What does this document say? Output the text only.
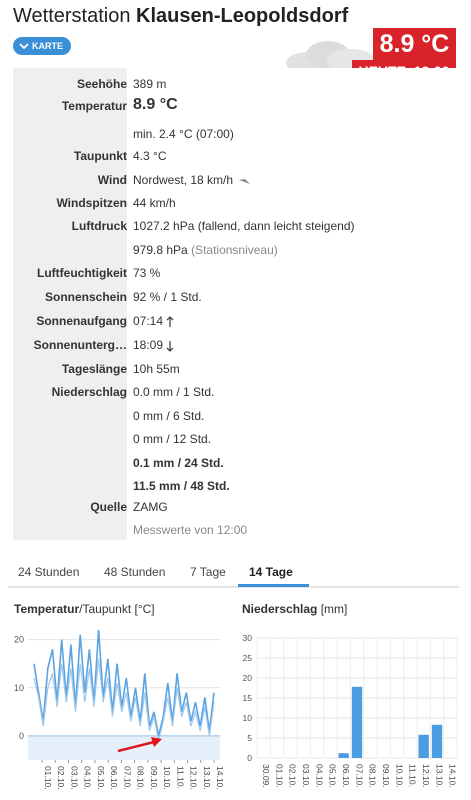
Wetterstation Klausen-Leopoldsdorf
KARTE	8.9 °C
Seehöhe 389 m
Temperatur 8.9 °C
min. 2.4 °C (07:00)
Taupunkt 4.3 °C
Wind Nordwest, 18 km/h
Windspitzen 44 km/h
Luftdruck 1027.2 hPa (fallend, dann leicht steigend)
979.8 hPa (Stationsniveau)
Luftfeuchtigkeit 73 %
Sonnenschein 92 % / 1 Std.
Sonnenaufgang 07:14
Sonnenunterg… 18:09
Tageslänge 10h 55m
Niederschlag 0.0 mm / 1 Std.
0 mm / 6 Std.
0 mm / 12 Std.
0.1 mm / 24 Std.
11.5 mm / 48 Std.
Quelle ZAMG
Messwerte von 12:00
24 Stunden 48 Stunden 7 Tage 14 Tage
Temperatur/Taupunkt [°C]	Niederschlag [mm]
0
10
20
01.10. 02.10. 03.10. 04.10. 05.10. 06.10. 07.10. 08.10. 09.10. 10.10. 11.10. 12.10. 13.10. 14.10.
0
5
10
15
20
25
30
30.09. 01.10. 02.10. 03.10. 04.10. 05.10. 06.10. 07.10. 08.10. 09.10. 10.10. 11.10. 12.10. 13.10. 14.10.
